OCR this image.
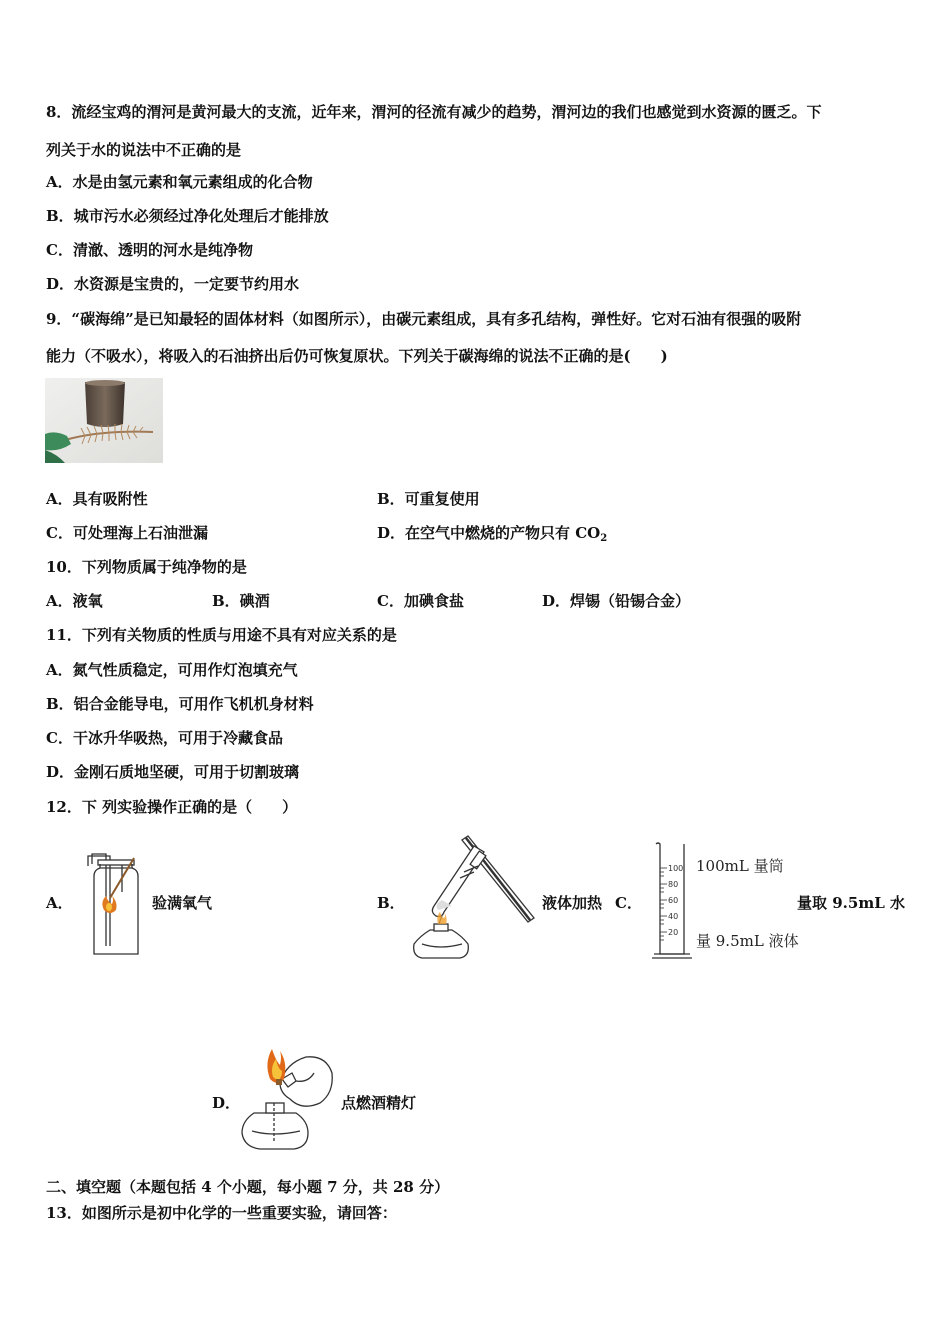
8．流经宝鸡的渭河是黄河最大的支流，近年来，渭河的径流有减少的趋势，渭河边的我们也感觉到水资源的匮乏。下
列关于水的说法中不正确的是
A．水是由氢元素和氧元素组成的化合物
B．城市污水必须经过净化处理后才能排放
C．清澈、透明的河水是纯净物
D．水资源是宝贵的，一定要节约用水
9．“碳海绵”是已知最轻的固体材料（如图所示），由碳元素组成，具有多孔结构，弹性好。它对石油有很强的吸附
能力（不吸水），将吸入的石油挤出后仍可恢复原状。下列关于碳海绵的说法不正确的是(　　)
A．具有吸附性	B．可重复使用
C．可处理海上石油泄漏	D．在空气中燃烧的产物只有 $CO_2$
10．下列物质属于纯净物的是
A．液氧	B．碘酒	C．加碘食盐	D．焊锡（铅锡合金）
11．下列有关物质的性质与用途不具有对应关系的是
A．氮气性质稳定，可用作灯泡填充气
B．铝合金能导电，可用作飞机机身材料
C．干冰升华吸热，可用于冷藏食品
D．金刚石质地坚硬，可用于切割玻璃
12．下 列实验操作正确的是（　　）
A．	验满氧气	B．	液体加热 C．
100
80
60
40
20
100mL 量筒
量 9.5mL 液体
量取 9.5mL 水
D．	点燃酒精灯
二、填空题（本题包括 4 个小题，每小题 7 分，共 28 分）
13．如图所示是初中化学的一些重要实验，请回答：
